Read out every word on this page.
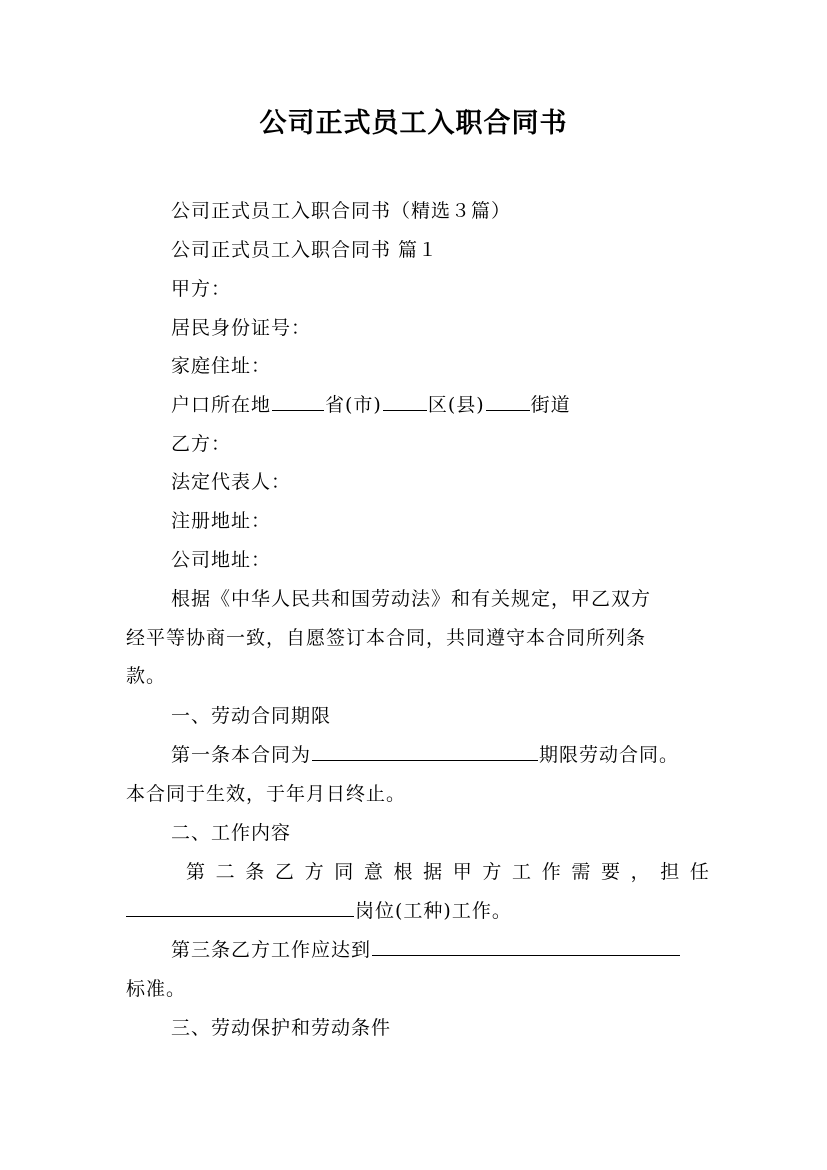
公司正式员工入职合同书
公司正式员工入职合同书（精选３篇）
公司正式员工入职合同书 篇１
甲方：
居民身份证号：
家庭住址：
户口所在地	省(市) 区(县) 街道
乙方：
法定代表人：
注册地址：
公司地址：
根据《中华人民共和国劳动法》和有关规定，甲乙双方
经平等协商一致，自愿签订本合同，共同遵守本合同所列条
款。
一、劳动合同期限
第一条本合同为	期限劳动合同。
本合同于生效，于年月日终止。
二、工作内容
第 二 条 乙 方 同 意 根 据 甲 方 工 作 需 要 ， 担 任
岗位(工种)工作。
第三条乙方工作应达到
标准。
三、劳动保护和劳动条件
